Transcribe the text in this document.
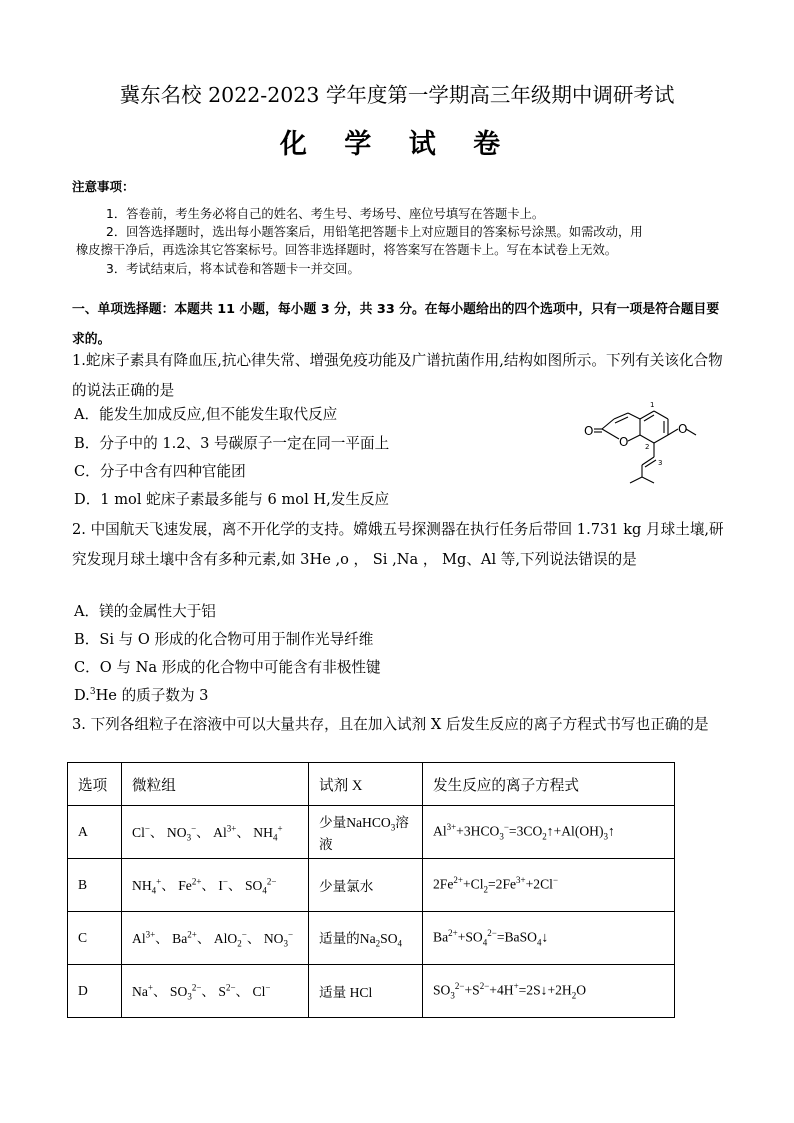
冀东名校 2022-2023 学年度第一学期高三年级期中调研考试
化 学 试 卷
注意事项：
1．答卷前，考生务必将自己的姓名、考生号、考场号、座位号填写在答题卡上。
2．回答选择题时，选出每小题答案后，用铅笔把答题卡上对应题目的答案标号涂黑。如需改动，用
橡皮擦干净后，再选涂其它答案标号。回答非选择题时，将答案写在答题卡上。写在本试卷上无效。
3．考试结束后，将本试卷和答题卡一并交回。
一、单项选择题：本题共 11 小题，每小题 3 分，共 33 分。在每小题给出的四个选项中，只有一项是符合题目要求的。
1.蛇床子素具有降血压,抗心律失常、增强免疫功能及广谱抗菌作用,结构如图所示。下列有关该化合物的说法正确的是
A．能发生加成反应,但不能发生取代反应
B．分子中的 1.2、3 号碳原子一定在同一平面上
C．分子中含有四种官能团
D．1 mol 蛇床子素最多能与 6 mol H,发生反应
O
O
O
1
2
3
2. 中国航天飞速发展，离不开化学的支持。嫦娥五号探测器在执行任务后带回 1.731 kg 月球土壤,研究发现月球土壤中含有多种元素,如 3He ,o ， Si ,Na ， Mg、Al 等,下列说法错误的是
A．镁的金属性大于铝
B．Si 与 O 形成的化合物可用于制作光导纤维
C．O 与 Na 形成的化合物中可能含有非极性键
D.$^3$He 的质子数为 3
3. 下列各组粒子在溶液中可以大量共存，且在加入试剂 X 后发生反应的离子方程式书写也正确的是
选项	微粒组	试剂 X	发生反应的离子方程式
A	Cl−、 $NO_3^-$、 $Al^{3+}$、 $NH_4^+$	少量NaHCO$_3$溶液	$Al^{3+}+3HCO_3^-=3CO_2↑+Al(OH)_3↑$
B	$NH_4^+$、 $Fe^{2+}$、 I−、 $SO_4^{2-}$	少量氯水	$2Fe^{2+}+Cl_2=2Fe^{3+}+2Cl^-$
C	$Al^{3+}$、 $Ba^{2+}$、 AlO$_2$−、 $NO_3^-$	适量的$Na_2SO_4$	$Ba^{2+}+SO_4^{2-}=BaSO_4↓$
D	Na+、 $SO_3^{2-}$、 $S^{2-}$、 Cl−	适量 HCl	$SO_3^{2-}+S^{2-}+4H^+=2S↓+2H_2O$
